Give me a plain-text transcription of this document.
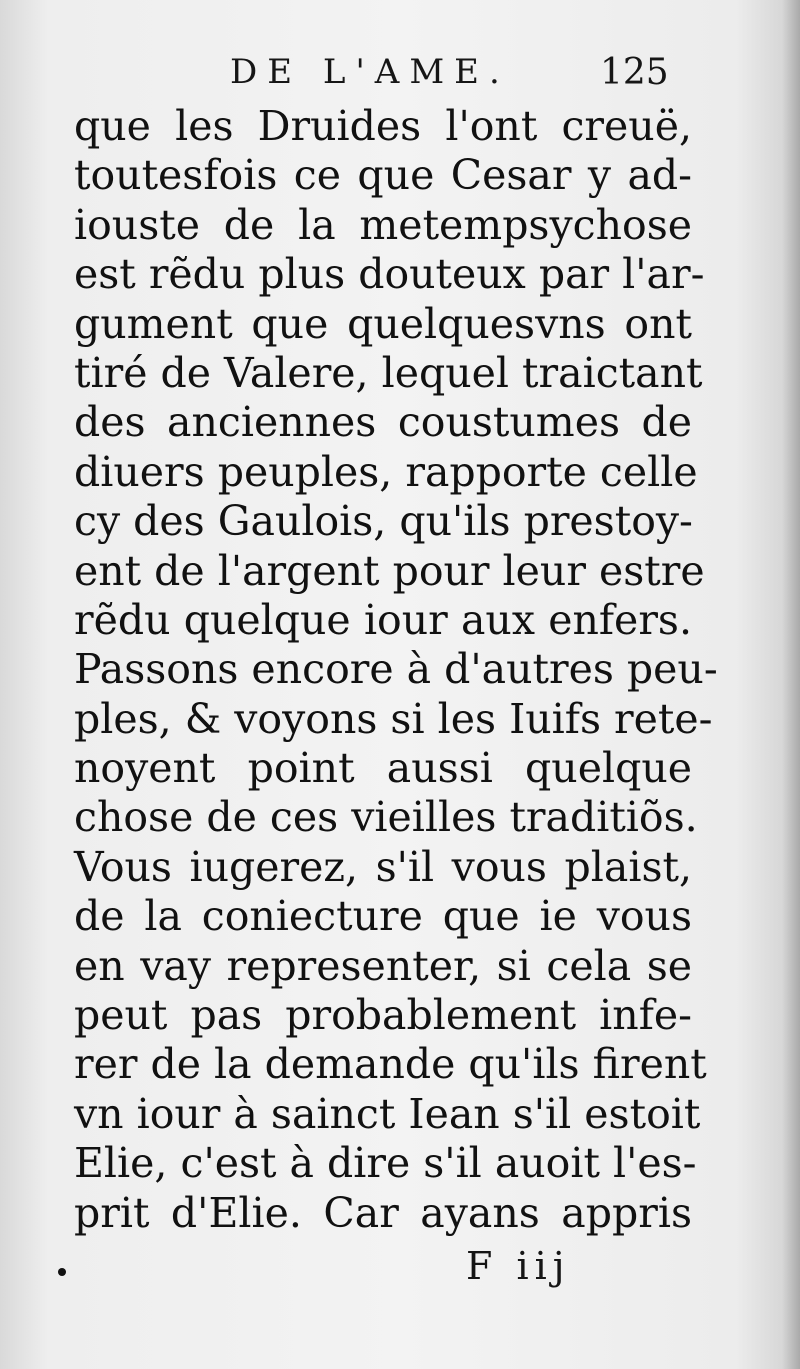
DE L'AME.	125
que les Druides l'ont creuë,
toutesfois ce que Cesar y ad-
iouste de la metempsychose
est rẽdu plus douteux par l'ar-
gument que quelquesvns ont
tiré de Valere, lequel traictant
des anciennes coustumes de
diuers peuples, rapporte celle
cy des Gaulois, qu'ils prestoy-
ent de l'argent pour leur estre
rẽdu quelque iour aux enfers.
Passons encore à d'autres peu-
ples, & voyons si les Iuifs rete-
noyent point aussi quelque
chose de ces vieilles traditiõs.
Vous iugerez, s'il vous plaist,
de la coniecture que ie vous
en vay representer, si cela se
peut pas probablement infe-
rer de la demande qu'ils firent
vn iour à sainct Iean s'il estoit
Elie, c'est à dire s'il auoit l'es-
prit d'Elie. Car ayans appris
F iij
